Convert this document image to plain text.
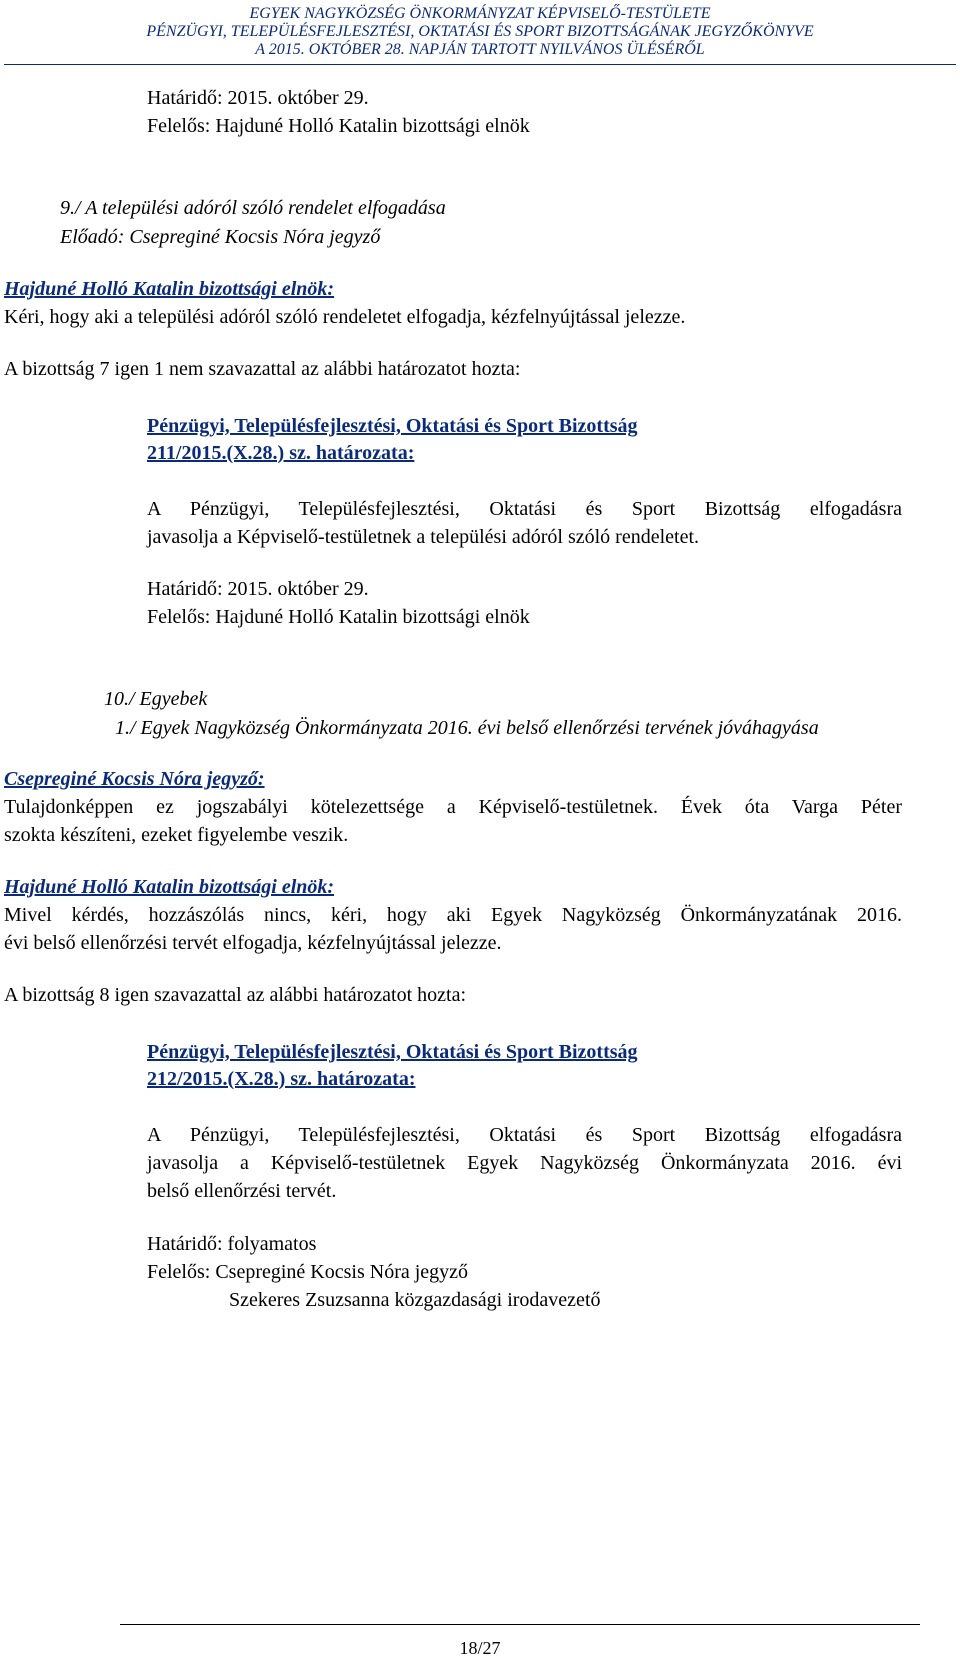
EGYEK NAGYKÖZSÉG ÖNKORMÁNYZAT KÉPVISELŐ-TESTÜLETE
PÉNZÜGYI, TELEPÜLÉSFEJLESZTÉSI, OKTATÁSI ÉS SPORT BIZOTTSÁGÁNAK JEGYZŐKÖNYVE
A 2015. OKTÓBER 28. NAPJÁN TARTOTT NYILVÁNOS ÜLÉSÉRŐL
Határidő: 2015. október 29.
Felelős: Hajduné Holló Katalin bizottsági elnök
9./ A települési adóról szóló rendelet elfogadása
Előadó: Csepreginé Kocsis Nóra jegyző
Hajduné Holló Katalin bizottsági elnök:
Kéri, hogy aki a települési adóról szóló rendeletet elfogadja, kézfelnyújtással jelezze.
A bizottság 7 igen 1 nem szavazattal az alábbi határozatot hozta:
Pénzügyi, Településfejlesztési, Oktatási és Sport Bizottság
211/2015.(X.28.) sz. határozata:
A Pénzügyi, Településfejlesztési, Oktatási és Sport Bizottság elfogadásra
javasolja a Képviselő-testületnek a települési adóról szóló rendeletet.
Határidő: 2015. október 29.
Felelős: Hajduné Holló Katalin bizottsági elnök
10./ Egyebek
1./ Egyek Nagyközség Önkormányzata 2016. évi belső ellenőrzési tervének jóváhagyása
Csepreginé Kocsis Nóra jegyző:
Tulajdonképpen ez jogszabályi kötelezettsége a Képviselő-testületnek. Évek óta Varga Péter
szokta készíteni, ezeket figyelembe veszik.
Hajduné Holló Katalin bizottsági elnök:
Mivel kérdés, hozzászólás nincs, kéri, hogy aki Egyek Nagyközség Önkormányzatának 2016.
évi belső ellenőrzési tervét elfogadja, kézfelnyújtással jelezze.
A bizottság 8 igen szavazattal az alábbi határozatot hozta:
Pénzügyi, Településfejlesztési, Oktatási és Sport Bizottság
212/2015.(X.28.) sz. határozata:
A Pénzügyi, Településfejlesztési, Oktatási és Sport Bizottság elfogadásra
javasolja a Képviselő-testületnek Egyek Nagyközség Önkormányzata 2016. évi
belső ellenőrzési tervét.
Határidő: folyamatos
Felelős: Csepreginé Kocsis Nóra jegyző
Szekeres Zsuzsanna közgazdasági irodavezető
18/27
